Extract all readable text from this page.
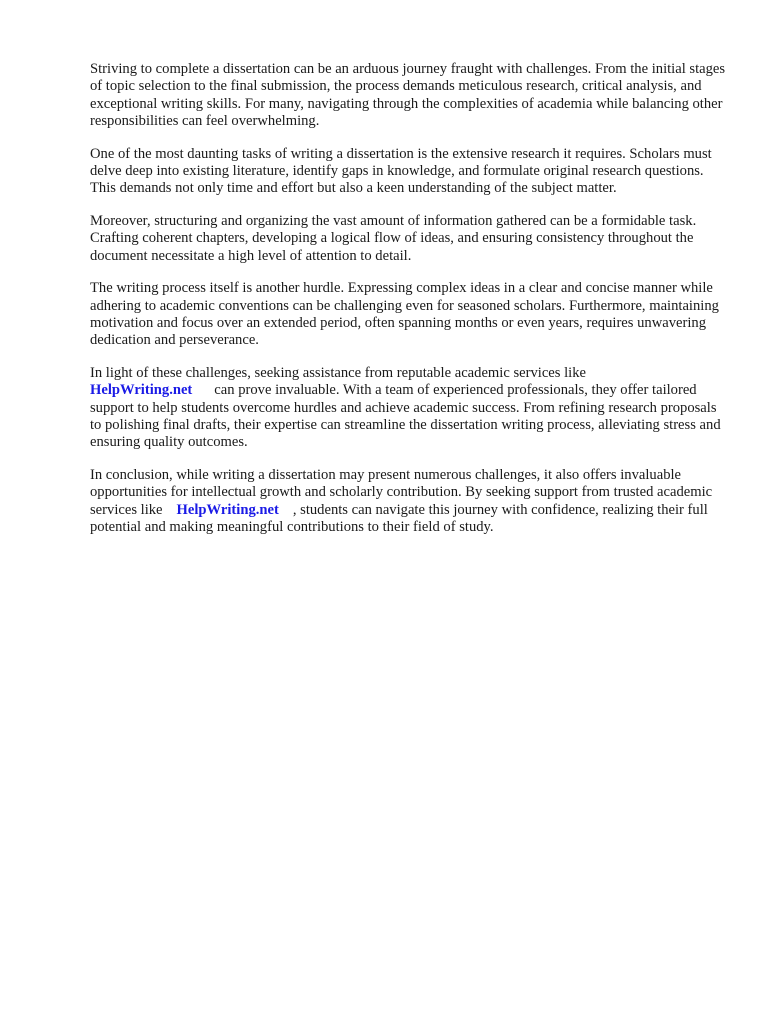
Striving to complete a dissertation can be an arduous journey fraught with challenges. From the initial stages of topic selection to the final submission, the process demands meticulous research, critical analysis, and exceptional writing skills. For many, navigating through the complexities of academia while balancing other responsibilities can feel overwhelming.

One of the most daunting tasks of writing a dissertation is the extensive research it requires. Scholars must delve deep into existing literature, identify gaps in knowledge, and formulate original research questions. This demands not only time and effort but also a keen understanding of the subject matter.

Moreover, structuring and organizing the vast amount of information gathered can be a formidable task. Crafting coherent chapters, developing a logical flow of ideas, and ensuring consistency throughout the document necessitate a high level of attention to detail.

The writing process itself is another hurdle. Expressing complex ideas in a clear and concise manner while adhering to academic conventions can be challenging even for seasoned scholars. Furthermore, maintaining motivation and focus over an extended period, often spanning months or even years, requires unwavering dedication and perseverance.

In light of these challenges, seeking assistance from reputable academic services like
HelpWriting.net can prove invaluable. With a team of experienced professionals, they offer tailored support to help students overcome hurdles and achieve academic success. From refining research proposals to polishing final drafts, their expertise can streamline the dissertation writing process, alleviating stress and ensuring quality outcomes.

In conclusion, while writing a dissertation may present numerous challenges, it also offers invaluable opportunities for intellectual growth and scholarly contribution. By seeking support from trusted academic services like HelpWriting.net , students can navigate this journey with confidence, realizing their full potential and making meaningful contributions to their field of study.
